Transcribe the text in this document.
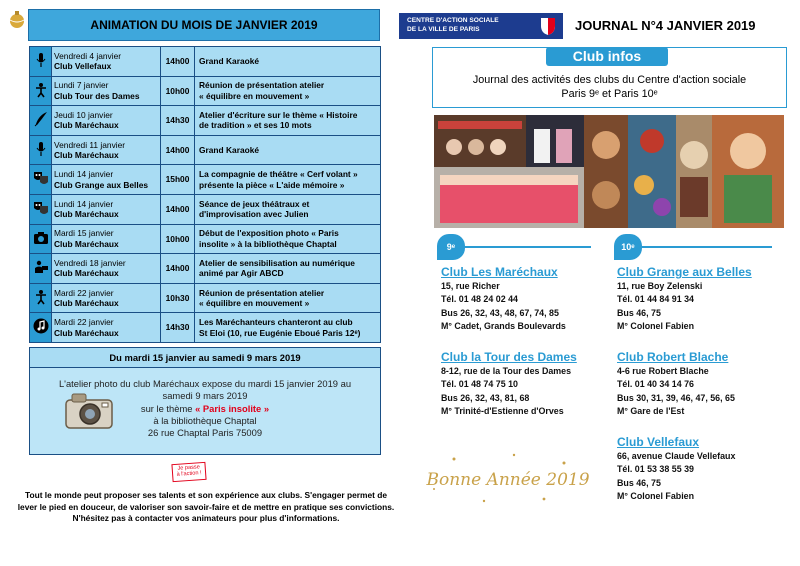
ANIMATION DU MOIS DE JANVIER 2019

Vendredi 4 janvier
Club Vellefaux	14h00	Grand Karaoké

Lundi 7 janvier
Club Tour des Dames	10h00	Réunion de présentation atelier
« équilibre en mouvement »

Jeudi 10 janvier
Club Maréchaux	14h30	Atelier d'écriture sur le thème « Histoire
de tradition » et ses 10 mots

Vendredi 11 janvier
Club Maréchaux	14h00	Grand Karaoké

Lundi 14 janvier
Club Grange aux Belles	15h00	La compagnie de théâtre « Cerf volant »
présente la pièce « L'aide mémoire »

Lundi 14 janvier
Club Maréchaux	14h00	Séance de jeux théâtraux et
d'improvisation avec Julien

Mardi 15 janvier
Club Maréchaux	10h00	Début de l'exposition photo « Paris
insolite » à la bibliothèque Chaptal

Vendredi 18 janvier
Club Maréchaux	14h00	Atelier de sensibilisation au numérique
animé par Agir ABCD

Mardi 22 janvier
Club Maréchaux	10h30	Réunion de présentation atelier
« équilibre en mouvement »

Mardi 22 janvier
Club Maréchaux	14h30	Les Maréchanteurs chanteront au club
St Eloi (10, rue Eugénie Eboué Paris 12ᵉ)
Du mardi 15 janvier au samedi 9 mars 2019
L'atelier photo du club Maréchaux expose du mardi 15 janvier 2019 au
samedi 9 mars 2019
sur le thème « Paris insolite »
à la bibliothèque Chaptal
26 rue Chaptal Paris 75009
Je passe
à l'action !
Tout le monde peut proposer ses talents et son expérience aux clubs. S'engager permet de lever le pied en douceur, de valoriser son savoir-faire et de mettre en pratique ses convictions. N'hésitez pas à contacter vos animateurs pour plus d'informations.
CENTRE D'ACTION SOCIALE
DE LA VILLE DE PARIS	JOURNAL N°4 JANVIER 2019
Club infos
Journal des activités des clubs du Centre d'action sociale
Paris 9ᵉ et Paris 10ᵉ
9ᵉ	10ᵉ
Club Les Maréchaux
15, rue Richer
Tél. 01 48 24 02 44
Bus 26, 32, 43, 48, 67, 74, 85
M° Cadet, Grands Boulevards
Club la Tour des Dames
8-12, rue de la Tour des Dames
Tél. 01 48 74 75 10
Bus 26, 32, 43, 81, 68
M° Trinité-d'Estienne d'Orves
Club Grange aux Belles
11, rue Boy Zelenski
Tél. 01 44 84 91 34
Bus 46, 75
M° Colonel Fabien
Club Robert Blache
4-6 rue Robert Blache
Tél. 01 40 34 14 76
Bus 30, 31, 39, 46, 47, 56, 65
M° Gare de l'Est
Club Vellefaux
66, avenue Claude Vellefaux
Tél. 01 53 38 55 39
Bus 46, 75
M° Colonel Fabien
Bonne Année 2019
